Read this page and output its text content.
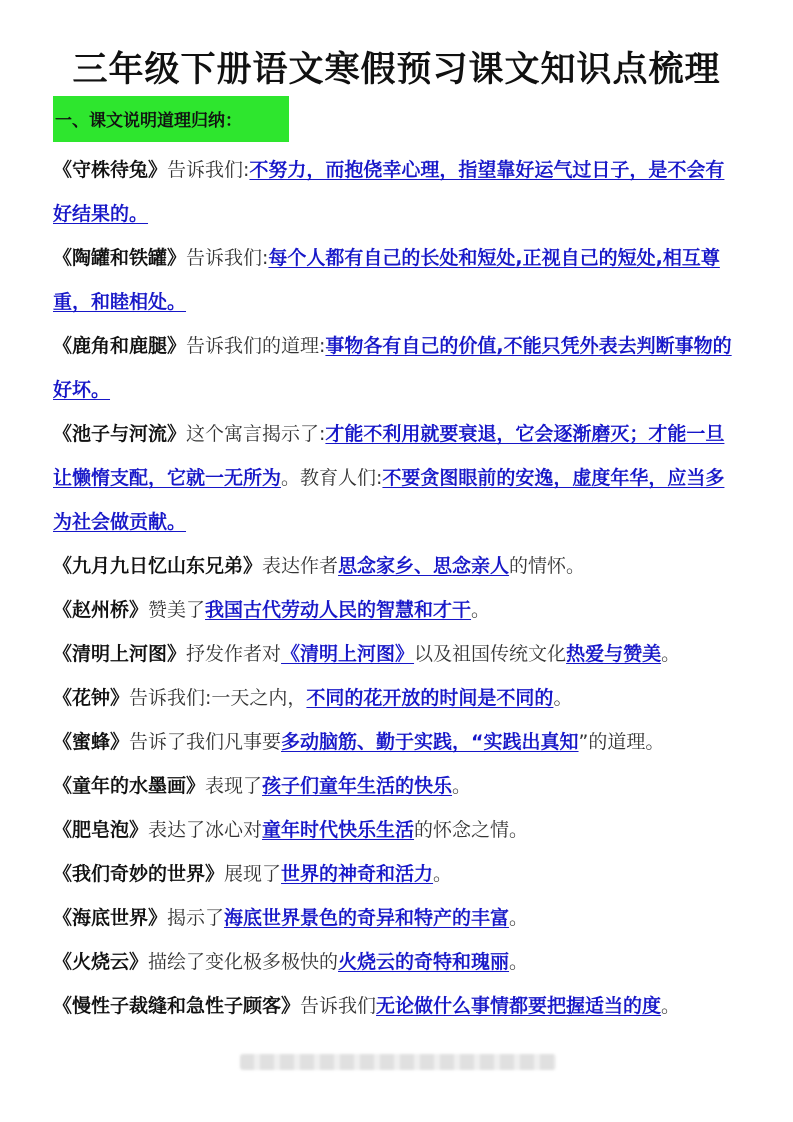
三年级下册语文寒假预习课文知识点梳理
一、课文说明道理归纳：

《守株待兔》告诉我们:不努力，而抱侥幸心理，指望靠好运气过日子，是不会有好结果的。

《陶罐和铁罐》告诉我们:每个人都有自己的长处和短处,正视自己的短处,相互尊重，和睦相处。

《鹿角和鹿腿》告诉我们的道理:事物各有自己的价值,不能只凭外表去判断事物的好坏。

《池子与河流》这个寓言揭示了:才能不利用就要衰退，它会逐渐磨灭；才能一旦让懒惰支配，它就一无所为。教育人们:不要贪图眼前的安逸，虚度年华，应当多为社会做贡献。

《九月九日忆山东兄弟》表达作者思念家乡、思念亲人的情怀。

《赵州桥》赞美了我国古代劳动人民的智慧和才干。

《清明上河图》抒发作者对《清明上河图》以及祖国传统文化热爱与赞美。

《花钟》告诉我们:一天之内，不同的花开放的时间是不同的。

《蜜蜂》告诉了我们凡事要多动脑筋、勤于实践，“实践出真知”的道理。

《童年的水墨画》表现了孩子们童年生活的快乐。

《肥皂泡》表达了冰心对童年时代快乐生活的怀念之情。

《我们奇妙的世界》展现了世界的神奇和活力。

《海底世界》揭示了海底世界景色的奇异和特产的丰富。

《火烧云》描绘了变化极多极快的火烧云的奇特和瑰丽。

《慢性子裁缝和急性子顾客》告诉我们无论做什么事情都要把握适当的度。
